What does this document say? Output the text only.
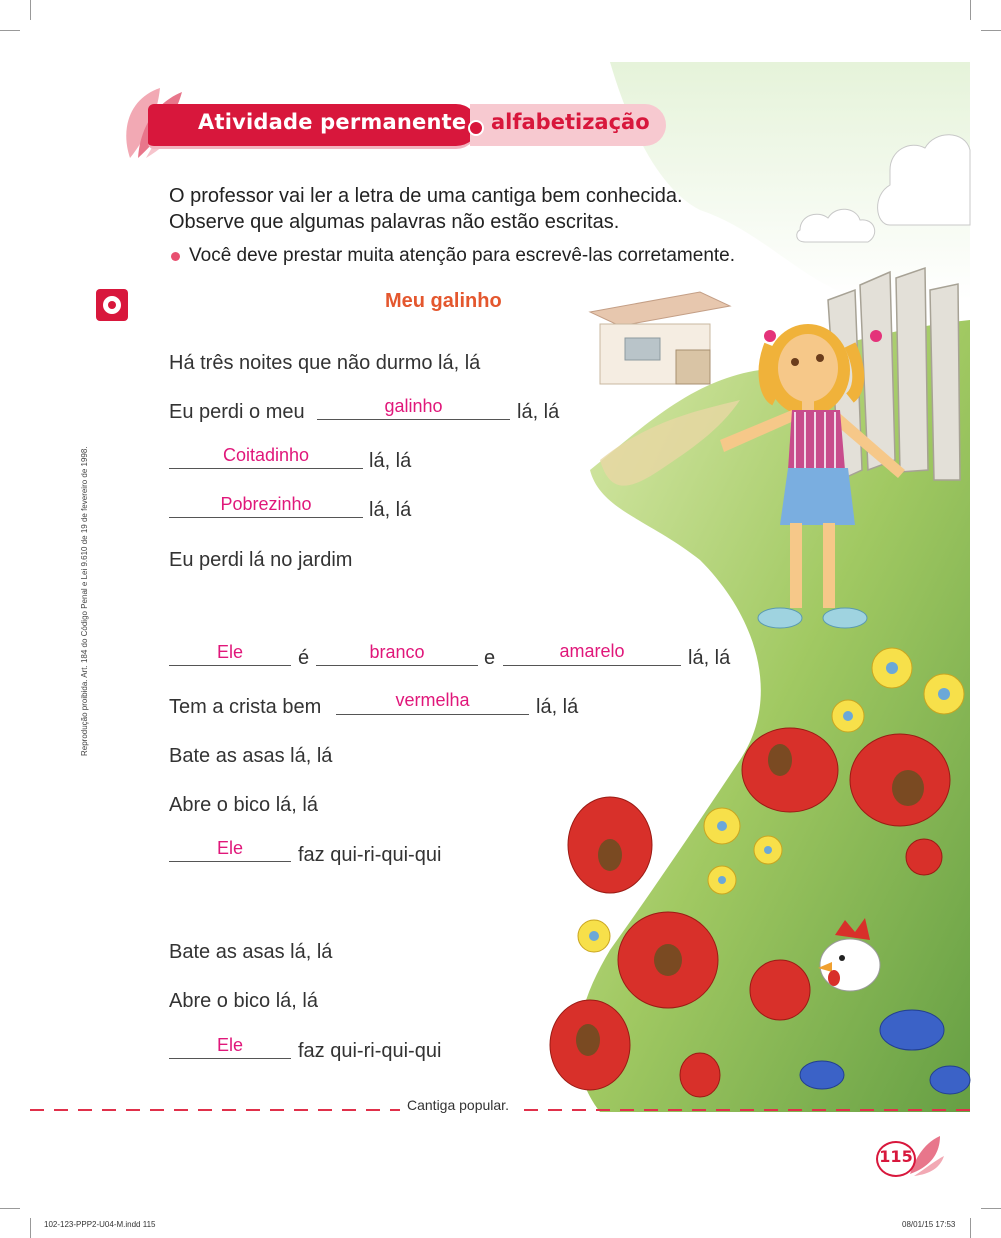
Atividade permanente alfabetização
O professor vai ler a letra de uma cantiga bem conhecida.
Observe que algumas palavras não estão escritas.
Você deve prestar muita atenção para escrevê-las corretamente.
Meu galinho
Há três noites que não durmo lá, lá
Eu perdi o meu	galinho	lá, lá
Coitadinho	lá, lá
Pobrezinho	lá, lá
Eu perdi lá no jardim
Ele	é	branco	e	amarelo	lá, lá
Tem a crista bem	vermelha	lá, lá
Bate as asas lá, lá
Abre o bico lá, lá
Ele	faz qui-ri-qui-qui
Bate as asas lá, lá
Abre o bico lá, lá
Ele	faz qui-ri-qui-qui
Cantiga popular.
Reprodução proibida. Art. 184 do Código Penal e Lei 9.610 de 19 de fevereiro de 1998.
115
102-123-PPP2-U04-M.indd 115	08/01/15 17:53
